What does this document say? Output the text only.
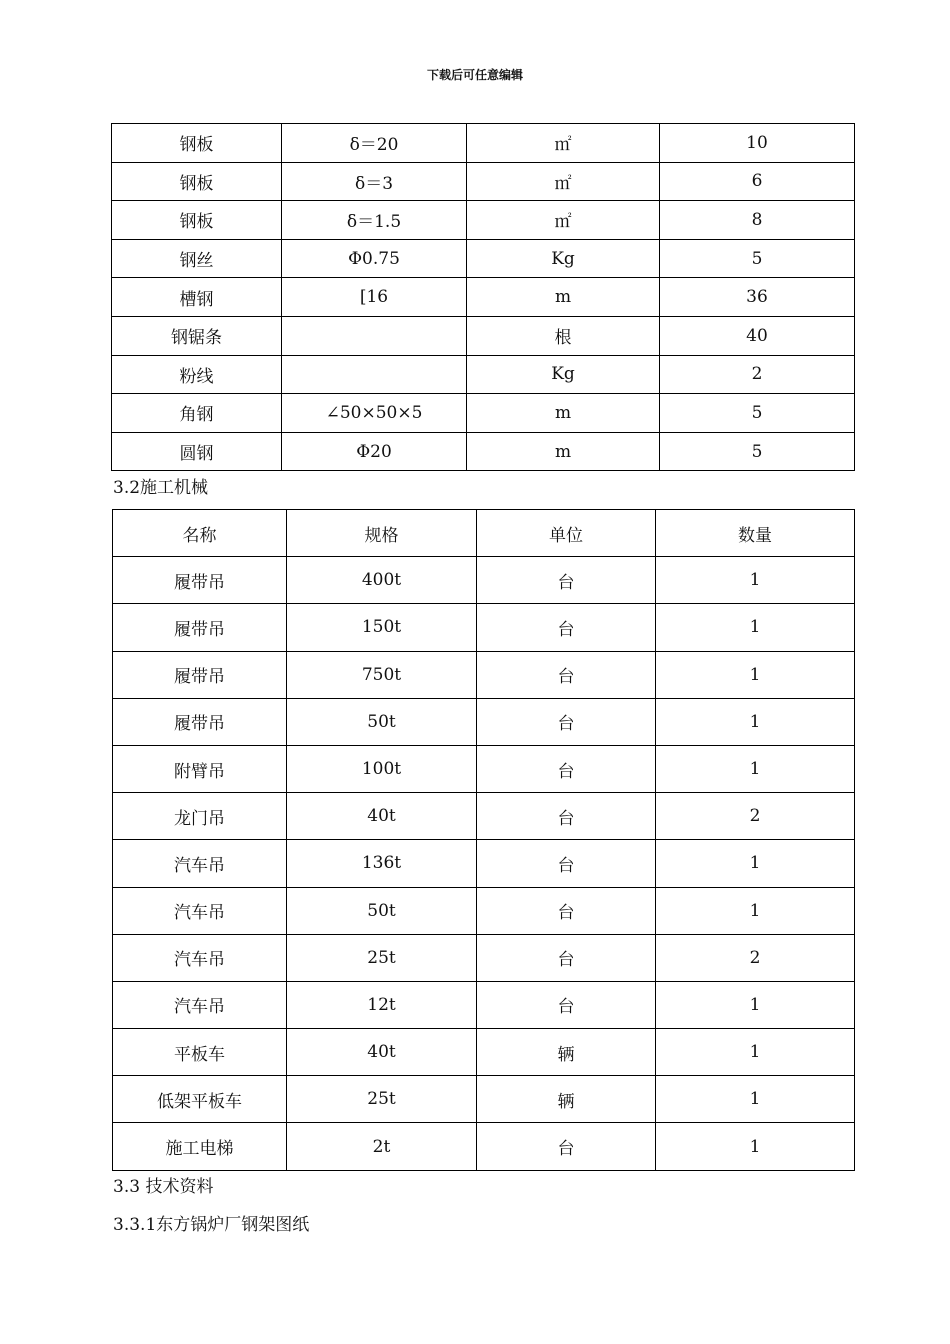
下载后可任意编辑
钢板	δ＝20	㎡	10
钢板	δ＝3	㎡	6
钢板	δ＝1.5	㎡	8
钢丝	Φ0.75	Kg	5
槽钢	[16	m	36
钢锯条		根	40
粉线		Kg	2
角钢	∠50×50×5	m	5
圆钢	Φ20	m	5
3.2施工机械
名称	规格	单位	数量
履带吊	400t	台	1
履带吊	150t	台	1
履带吊	750t	台	1
履带吊	50t	台	1
附臂吊	100t	台	1
龙门吊	40t	台	2
汽车吊	136t	台	1
汽车吊	50t	台	1
汽车吊	25t	台	2
汽车吊	12t	台	1
平板车	40t	辆	1
低架平板车	25t	辆	1
施工电梯	2t	台	1
3.3 技术资料
3.3.1东方锅炉厂钢架图纸
